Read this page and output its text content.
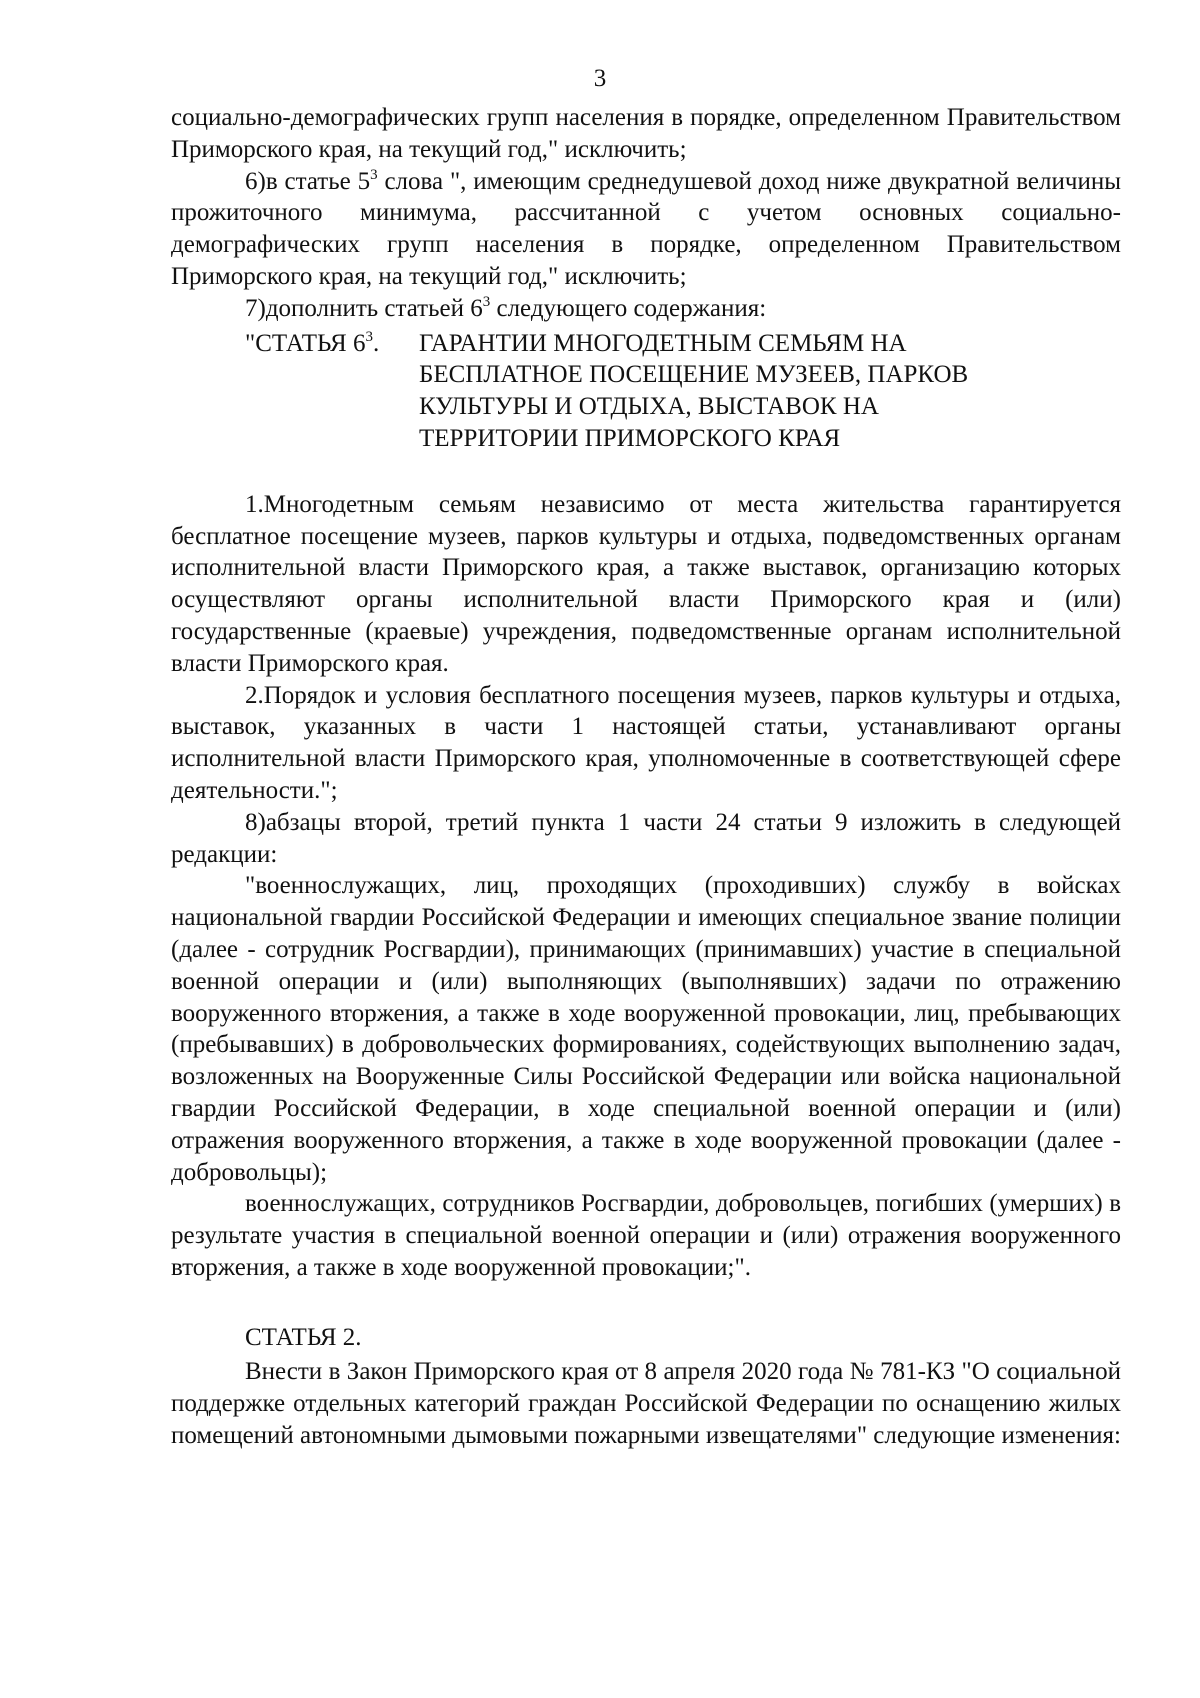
3

социально-демографических групп населения в порядке, определенном Правительством Приморского края, на текущий год," исключить;

6)в статье $5^3$ слова ", имеющим среднедушевой доход ниже двукратной величины прожиточного минимума, рассчитанной с учетом основных социально-демографических групп населения в порядке, определенном Правительством Приморского края, на текущий год," исключить;

7)дополнить статьей $6^3$ следующего содержания:

"СТАТЬЯ $6^3$.	ГАРАНТИИ МНОГОДЕТНЫМ СЕМЬЯМ НА
БЕСПЛАТНОЕ ПОСЕЩЕНИЕ МУЗЕЕВ, ПАРКОВ
КУЛЬТУРЫ И ОТДЫХА, ВЫСТАВОК НА
ТЕРРИТОРИИ ПРИМОРСКОГО КРАЯ

1.Многодетным семьям независимо от места жительства гарантируется бесплатное посещение музеев, парков культуры и отдыха, подведомственных органам исполнительной власти Приморского края, а также выставок, организацию которых осуществляют органы исполнительной власти Приморского края и (или) государственные (краевые) учреждения, подведомственные органам исполнительной власти Приморского края.

2.Порядок и условия бесплатного посещения музеев, парков культуры и отдыха, выставок, указанных в части 1 настоящей статьи, устанавливают органы исполнительной власти Приморского края, уполномоченные в соответствующей сфере деятельности.";

8)абзацы второй, третий пункта 1 части 24 статьи 9 изложить в следующей редакции:

"военнослужащих, лиц, проходящих (проходивших) службу в войсках национальной гвардии Российской Федерации и имеющих специальное звание полиции (далее - сотрудник Росгвардии), принимающих (принимавших) участие в специальной военной операции и (или) выполняющих (выполнявших) задачи по отражению вооруженного вторжения, а также в ходе вооруженной провокации, лиц, пребывающих (пребывавших) в добровольческих формированиях, содействующих выполнению задач, возложенных на Вооруженные Силы Российской Федерации или войска национальной гвардии Российской Федерации, в ходе специальной военной операции и (или) отражения вооруженного вторжения, а также в ходе вооруженной провокации (далее - добровольцы);

военнослужащих, сотрудников Росгвардии, добровольцев, погибших (умерших) в результате участия в специальной военной операции и (или) отражения вооруженного вторжения, а также в ходе вооруженной провокации;".

СТАТЬЯ 2.

Внести в Закон Приморского края от 8 апреля 2020 года № 781-КЗ "О социальной поддержке отдельных категорий граждан Российской Федерации по оснащению жилых помещений автономными дымовыми пожарными извещателями" следующие изменения:
